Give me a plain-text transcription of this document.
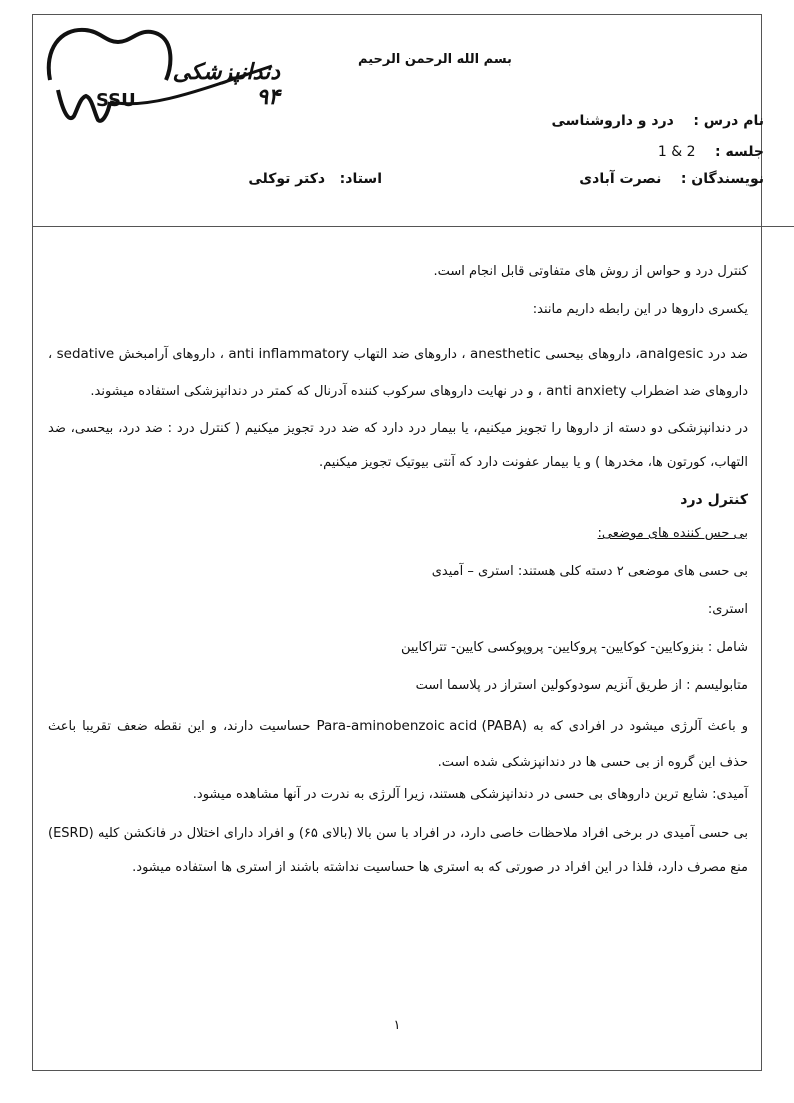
دندانپزشکی ۹۴
SSU
بسم الله الرحمن الرحیم
نام درس :    درد و داروشناسی
جلسه :    1 & 2
نویسندگان :    نصرت آبادی
استاد:   دکتر توکلی

کنترل درد و حواس از روش های متفاوتی قابل انجام است.

یکسری داروها در این رابطه داریم مانند:

ضد درد analgesic، داروهای بیحسی anesthetic ، داروهای ضد التهاب anti inflammatory ، داروهای آرامبخش sedative ، داروهای ضد اضطراب anti anxiety ، و در نهایت داروهای سرکوب کننده آدرنال که کمتر در دندانپزشکی استفاده میشوند.

در دندانپزشکی دو دسته از داروها را تجویز میکنیم، یا بیمار درد دارد که ضد درد تجویز میکنیم ( کنترل درد : ضد درد، بیحسی، ضد التهاب، کورتون ها، مخدرها ) و یا بیمار عفونت دارد که آنتی بیوتیک تجویز میکنیم.

کنترل درد

بی حس کننده های موضعی:

بی حسی های موضعی ۲ دسته کلی هستند: استری – آمیدی

استری:

شامل : بنزوکایین- کوکایین- پروکایین- پروپوکسی کایین- تتراکایین

متابولیسم : از طریق آنزیم سودوکولین استراز در پلاسما است

و باعث آلرژی میشود در افرادی که به Para-aminobenzoic acid (PABA) حساسیت دارند، و این نقطه ضعف تقریبا باعث حذف این گروه از بی حسی ها در دندانپزشکی شده است.

آمیدی: شایع ترین داروهای بی حسی در دندانپزشکی هستند، زیرا آلرژی به ندرت در آنها مشاهده میشود.

بی حسی آمیدی در برخی افراد ملاحظات خاصی دارد، در افراد با سن بالا (بالای ۶۵) و افراد دارای اختلال در فانکشن کلیه (ESRD) منع مصرف دارد، فلذا در این افراد در صورتی که به استری ها حساسیت نداشته باشند از استری ها استفاده میشود.

۱
